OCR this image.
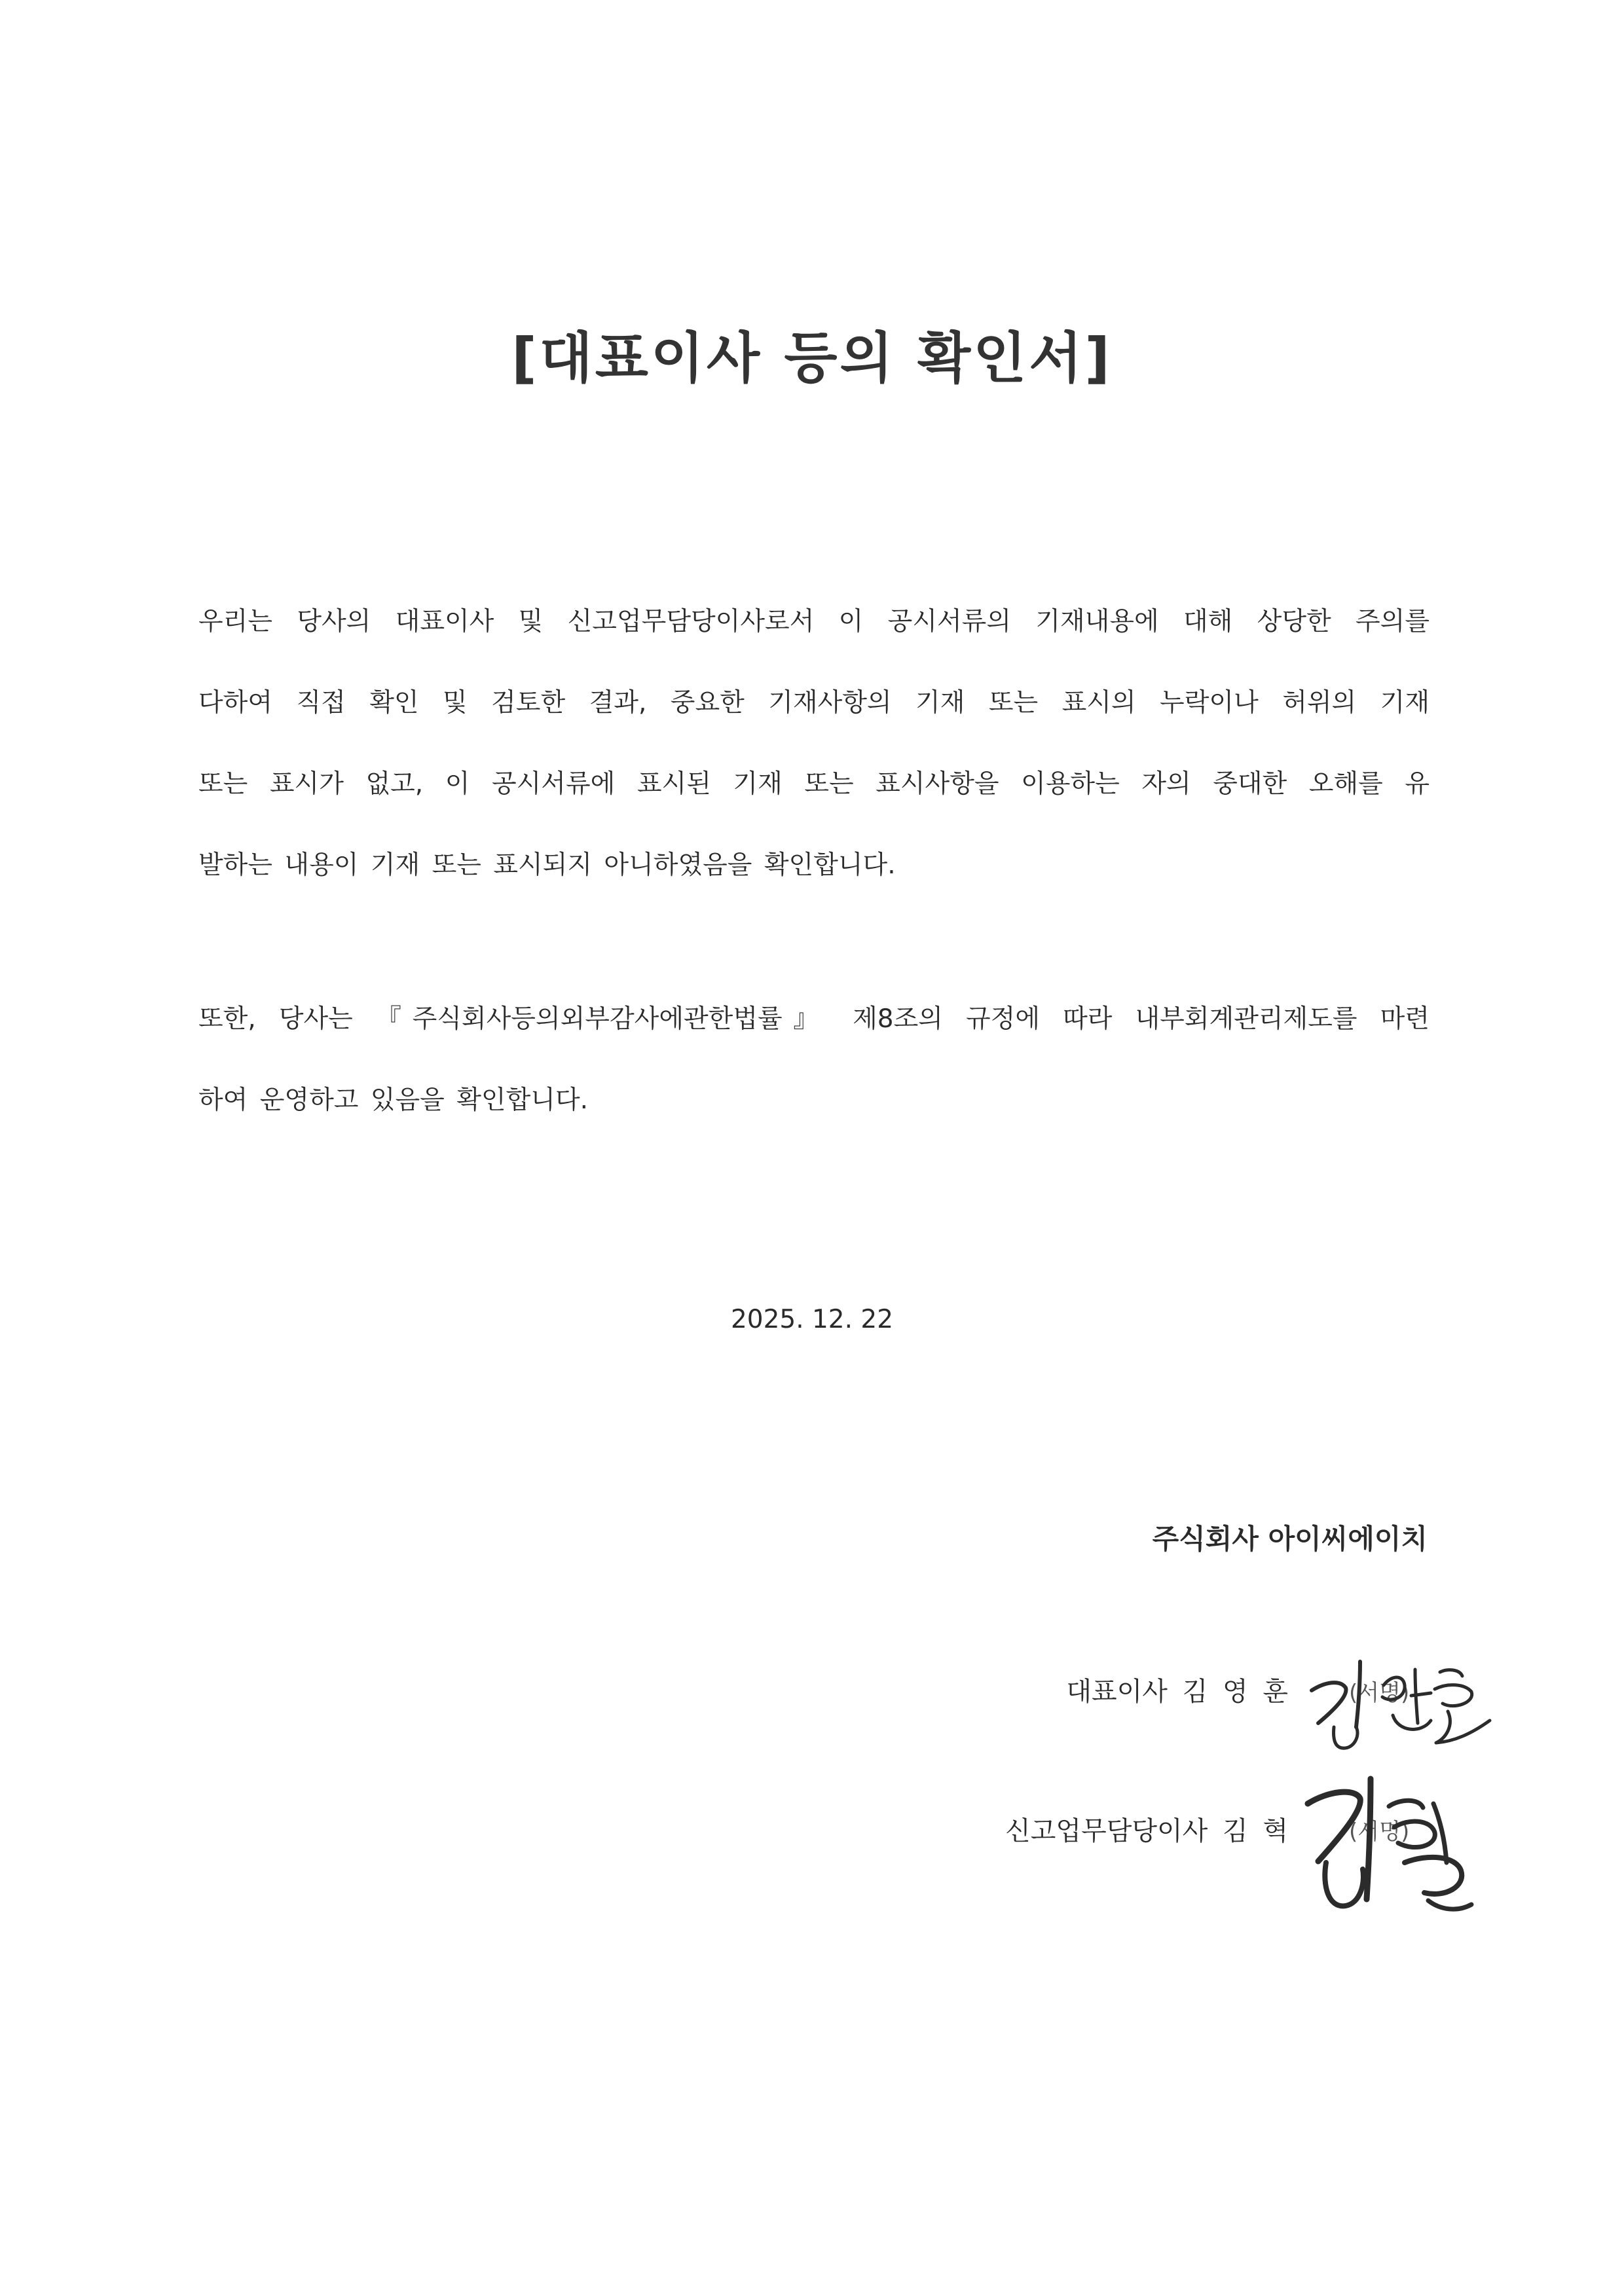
[대표이사 등의 확인서]
우리는 당사의 대표이사 및 신고업무담당이사로서 이 공시서류의 기재내용에 대해 상당한 주의를
다하여 직접 확인 및 검토한 결과, 중요한 기재사항의 기재 또는 표시의 누락이나 허위의 기재
또는 표시가 없고, 이 공시서류에 표시된 기재 또는 표시사항을 이용하는 자의 중대한 오해를 유
발하는 내용이 기재 또는 표시되지 아니하였음을 확인합니다.
또한, 당사는 『주식회사등의외부감사에관한법률』 제8조의 규정에 따라 내부회계관리제도를 마련
하여 운영하고 있음을 확인합니다.
2025. 12. 22
주식회사 아이씨에이치
대표이사 김 영 훈	(서명)
신고업무담당이사 김 혁	(서명)
